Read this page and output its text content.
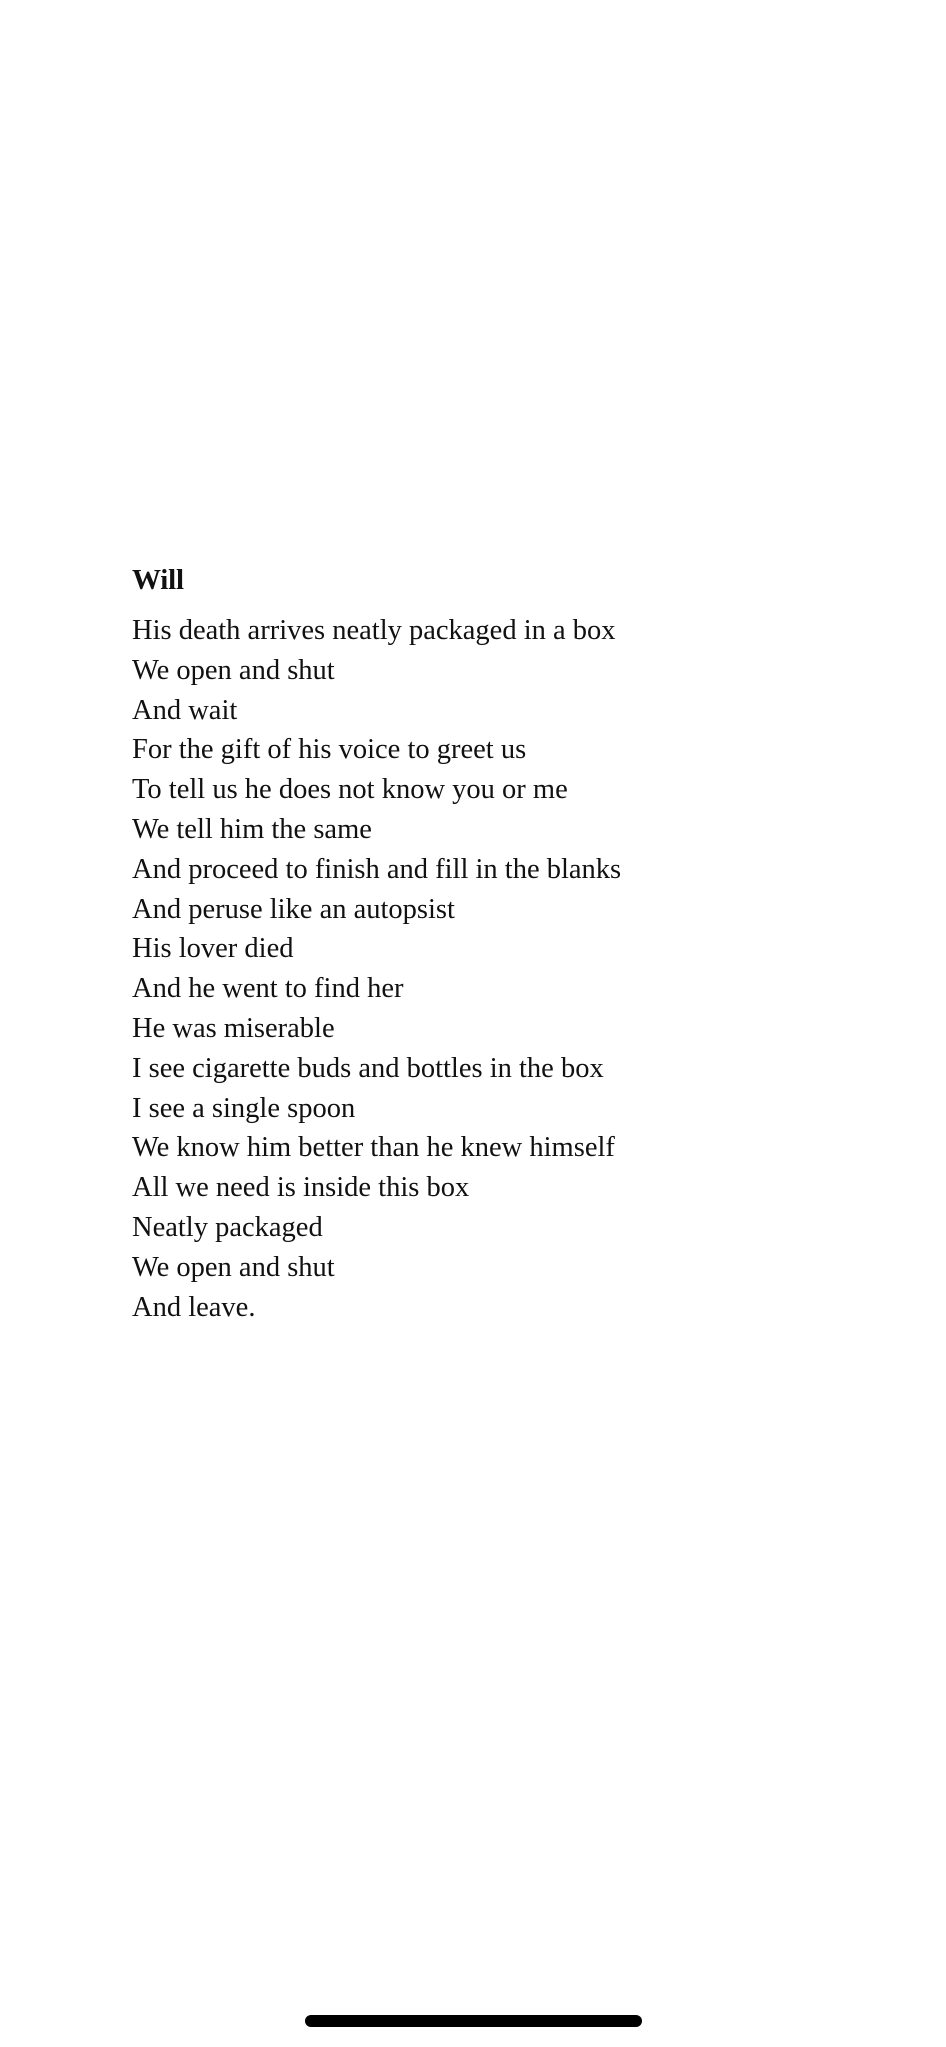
Will
His death arrives neatly packaged in a box
We open and shut
And wait
For the gift of his voice to greet us
To tell us he does not know you or me
We tell him the same
And proceed to finish and fill in the blanks
And peruse like an autopsist
His lover died
And he went to find her
He was miserable
I see cigarette buds and bottles in the box
I see a single spoon
We know him better than he knew himself
All we need is inside this box
Neatly packaged
We open and shut
And leave.
